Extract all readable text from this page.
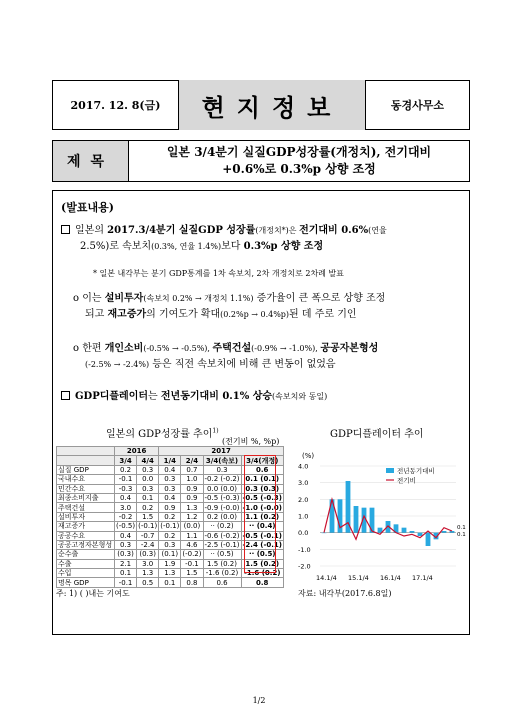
2017. 12. 8(금)	현지정보	동경사무소
제목
일본 3/4분기 실질GDP성장률(개정치), 전기대비
+0.6%로 0.3%p 상향 조정
(발표내용)
일본의 2017.3/4분기 실질GDP 성장률(개정치*)은 전기대비 0.6%(연율
2.5%)로 속보치(0.3%, 연율 1.4%)보다 0.3%p 상향 조정
* 일본 내각부는 분기 GDP통계를 1차 속보치, 2차 개정치로 2차례 발표
o 이는 설비투자(속보치 0.2% → 개정치 1.1%) 증가율이 큰 폭으로 상향 조정
되고 재고증가의 기여도가 확대(0.2%p → 0.4%p)된 데 주로 기인
o 한편 개인소비(-0.5% → -0.5%), 주택건설(-0.9% → -1.0%), 공공자본형성
(-2.5% → -2.4%) 등은 직전 속보치에 비해 큰 변동이 없었음
GDP디플레이터는 전년동기대비 0.1% 상승(속보치와 동일)
일본의 GDP성장률 추이$^{1)}$
(전기비 %, %p)
GDP디플레이터 추이
	2016		2017			
	3/4	4/4	1/4	2/4	3/4(속보)	3/4(개정)
실질 GDP	0.2	0.3	0.4	0.7	0.3	0.6
국내수요	-0.1	0.0	0.3	1.0	-0.2 (-0.2)	0.1 (0.1)
민간수요	-0.3	0.3	0.3	0.9	0.0 (0.0)	0.3 (0.3)
최종소비지출	0.4	0.1	0.4	0.9	-0.5 (-0.3)	-0.5 (-0.3)
주택건설	3.0	0.2	0.9	1.3	-0.9 (-0.0)	-1.0 (-0.0)
설비투자	-0.2	1.5	0.2	1.2	0.2 (0.0)	1.1 (0.2)
재고증가	(-0.5)	(-0.1)	(-0.1)	(0.0)	·· (0.2)	·· (0.4)
공공수요	0.4	-0.7	0.2	1.1	-0.6 (-0.2)	-0.5 (-0.1)
공공고정자본형성	0.3	-2.4	0.3	4.6	-2.5 (-0.1)	-2.4 (-0.1)
순수출	(0.3)	(0.3)	(0.1)	(-0.2)	·· (0.5)	·· (0.5)
수출	2.1	3.0	1.9	-0.1	1.5 (0.2)	1.5 (0.2)
수입	0.1	1.3	1.3	1.5	-1.6 (0.2)	-1.6 (0.2)
명목 GDP	-0.1	0.5	0.1	0.8	0.6	0.8
(%)
4.0
3.0
2.0
1.0
0.0
-1.0
-2.0
14.1/4 15.1/4 16.1/4 17.1/4
0.1
0.1
전년동기대비
전기비
주: 1) ( )내는 기여도	자료: 내각부(2017.6.8일)
1/2
